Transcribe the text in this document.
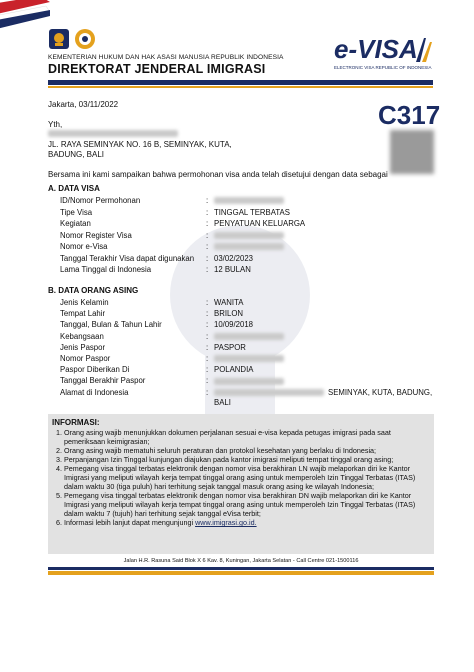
KEMENTERIAN HUKUM DAN HAK ASASI MANUSIA REPUBLIK INDONESIA
DIREKTORAT JENDERAL IMIGRASI
e-VISA
ELECTRONIC VISA REPUBLIC OF INDONESIA
Jakarta, 03/11/2022	C317
Yth,

JL. RAYA SEMINYAK NO. 16 B, SEMINYAK, KUTA,
BADUNG, BALI
Bersama ini kami sampaikan bahwa permohonan visa anda telah disetujui dengan data sebagai
A. DATA VISA
ID/Nomor Permohonan	:
Tipe Visa	: TINGGAL TERBATAS
Kegiatan	: PENYATUAN KELUARGA
Nomor Register Visa	:
Nomor e-Visa	:
Tanggal Terakhir Visa dapat digunakan : 03/02/2023
Lama Tinggal di Indonesia	: 12 BULAN
B. DATA ORANG ASING
Jenis Kelamin	: WANITA
Tempat Lahir	: BRILON
Tanggal, Bulan & Tahun Lahir	: 10/09/2018
Kebangsaan	:
Jenis Paspor	: PASPOR
Nomor Paspor	:
Paspor Diberikan Di	: POLANDIA
Tanggal Berakhir Paspor	:
Alamat di Indonesia	:	SEMINYAK, KUTA, BADUNG,
BALI
INFORMASI:
1. Orang asing wajib menunjukkan dokumen perjalanan sesuai e-visa kepada petugas imigrasi pada saat pemeriksaan keimigrasian;
2. Orang asing wajib mematuhi seluruh peraturan dan protokol kesehatan yang berlaku di Indonesia;
3. Perpanjangan Izin Tinggal kunjungan diajukan pada kantor imigrasi meliputi tempat tinggal orang asing;
4. Pemegang visa tinggal terbatas elektronik dengan nomor visa berakhiran LN wajib melaporkan diri ke Kantor Imigrasi yang meliputi wilayah kerja tempat tinggal orang asing untuk memperoleh Izin Tinggal Terbatas (ITAS) dalam waktu 30 (tiga puluh) hari terhitung sejak tanggal masuk orang asing ke wilayah Indonesia;
5. Pemegang visa tinggal terbatas elektronik dengan nomor visa berakhiran DN wajib melaporkan diri ke Kantor Imigrasi yang meliputi wilayah kerja tempat tinggal orang asing untuk memperoleh Izin Tinggal Terbatas (ITAS) dalam waktu 7 (tujuh) hari terhitung sejak tanggal eVisa terbit;
6. Informasi lebih lanjut dapat mengunjungi www.imigrasi.go.id.
Jalan H.R. Rasuna Said Blok X 6 Kav. 8, Kuningan, Jakarta Selatan - Call Centre 021-1500116
